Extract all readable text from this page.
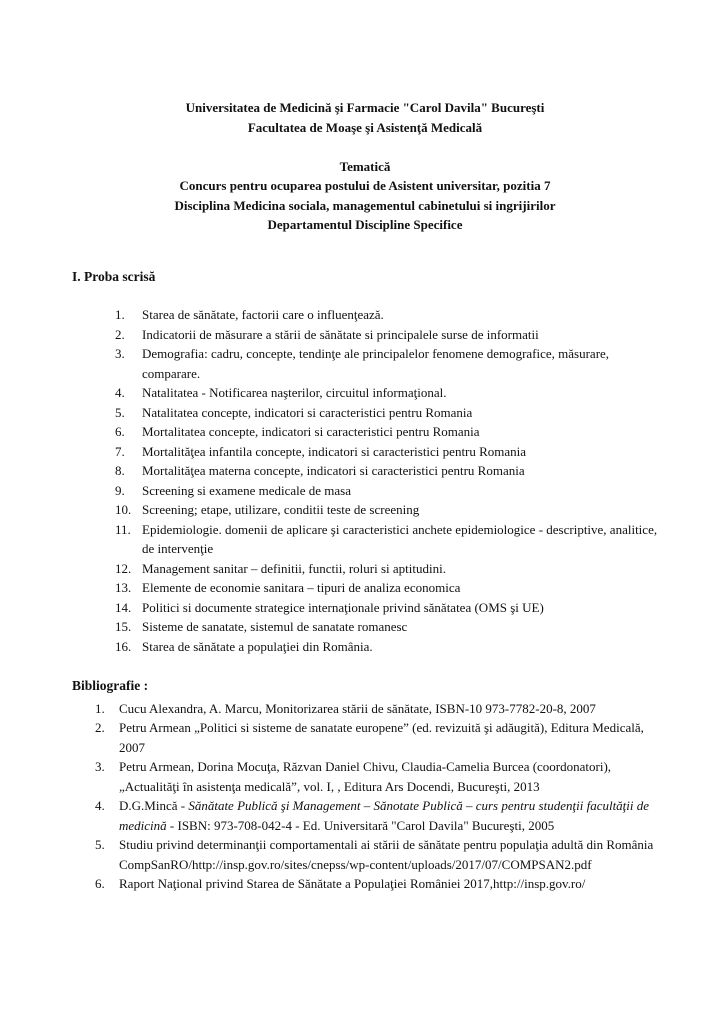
Universitatea de Medicină şi Farmacie "Carol Davila" Bucureşti

Facultatea de Moaşe şi Asistenţă Medicală

Tematică

Concurs pentru ocuparea postului de Asistent universitar, pozitia 7

Disciplina Medicina sociala, managementul cabinetului si ingrijirilor

Departamentul Discipline Specifice

I. Proba scrisă

Starea de sănătate, factorii care o influenţează.
Indicatorii de măsurare a stării de sănătate si principalele surse de informatii
Demografia: cadru, concepte, tendinţe ale principalelor fenomene demografice, măsurare, comparare.
Natalitatea - Notificarea naşterilor, circuitul informaţional.
Natalitatea concepte, indicatori si caracteristici pentru Romania
Mortalitatea concepte, indicatori si caracteristici pentru Romania
Mortalităţea infantila concepte, indicatori si caracteristici pentru Romania
Mortalităţea materna concepte, indicatori si caracteristici pentru Romania
Screening si examene medicale de masa
Screening; etape, utilizare, conditii teste de screening
Epidemiologie. domenii de aplicare şi caracteristici anchete epidemiologice - descriptive, analitice, de intervenţie
Management sanitar – definitii, functii, roluri si aptitudini.
Elemente de economie sanitara – tipuri de analiza economica
Politici si documente strategice internaţionale privind sănătatea (OMS şi UE)
Sisteme de sanatate, sistemul de sanatate romanesc
Starea de sănătate a populaţiei din România.

Bibliografie :

Cucu Alexandra, A. Marcu, Monitorizarea stării de sănătate, ISBN-10 973-7782-20-8, 2007
Petru Armean „Politici si sisteme de sanatate europene” (ed. revizuită şi adăugită), Editura Medicală, 2007
Petru Armean, Dorina Mocuţa, Răzvan Daniel Chivu, Claudia-Camelia Burcea (coordonatori), „Actualităţi în asistenţa medicală”, vol. I, , Editura Ars Docendi, Bucureşti, 2013
D.G.Mincă - Sănătate Publică şi Management – Sănotate Publică – curs pentru studenţii facultăţii de medicină - ISBN: 973-708-042-4 - Ed. Universitară "Carol Davila" Bucureşti, 2005
Studiu privind determinanţii comportamentali ai stării de sănătate pentru populaţia adultă din România CompSanRO/http://insp.gov.ro/sites/cnepss/wp-content/uploads/2017/07/COMPSAN2.pdf
Raport Naţional privind Starea de Sănătate a Populaţiei României 2017,http://insp.gov.ro/
